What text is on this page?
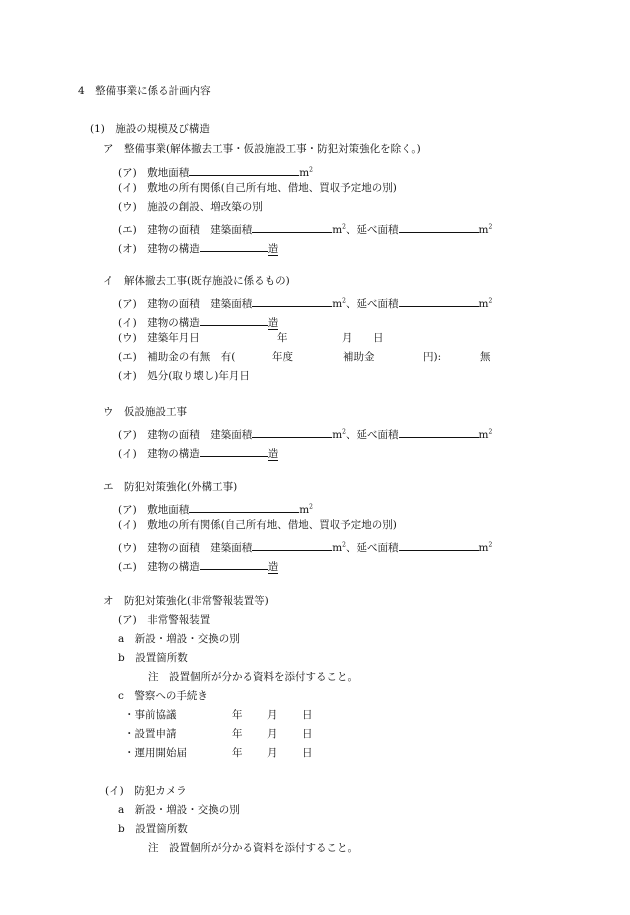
4　整備事業に係る計画内容
(1)　施設の規模及び構造
ア　整備事業(解体撤去工事・仮設施設工事・防犯対策強化を除く。)
(ア)　敷地面積	$m^2$
(イ)　敷地の所有関係(自己所有地、借地、買収予定地の別)
(ウ)　施設の創設、増改築の別
(エ)　建物の面積　建築面積	$m^2$、延べ面積	$m^2$
(オ)　建物の構造	造
イ　解体撤去工事(既存施設に係るもの)
(ア)　建物の面積　建築面積	$m^2$、延べ面積	$m^2$
(イ)　建物の構造	造
(ウ)　建築年月日	年	月 日
(エ)　補助金の有無　有(	年度	補助金	円):	無
(オ)　処分(取り壊し)年月日
ウ　仮設施設工事
(ア)　建物の面積　建築面積	$m^2$、延べ面積	$m^2$
(イ)　建物の構造	造
エ　防犯対策強化(外構工事)
(ア)　敷地面積	$m^2$
(イ)　敷地の所有関係(自己所有地、借地、買収予定地の別)
(ウ)　建物の面積　建築面積	$m^2$、延べ面積	$m^2$
(エ)　建物の構造	造
オ　防犯対策強化(非常警報装置等)
(ア)　非常警報装置
a　新設・増設・交換の別
b　設置箇所数
注　設置個所が分かる資料を添付すること。
c　警察への手続き
・事前協議	年 月 日
・設置申請	年 月 日
・運用開始届	年 月 日
(イ)　防犯カメラ
a　新設・増設・交換の別
b　設置箇所数
注　設置個所が分かる資料を添付すること。
